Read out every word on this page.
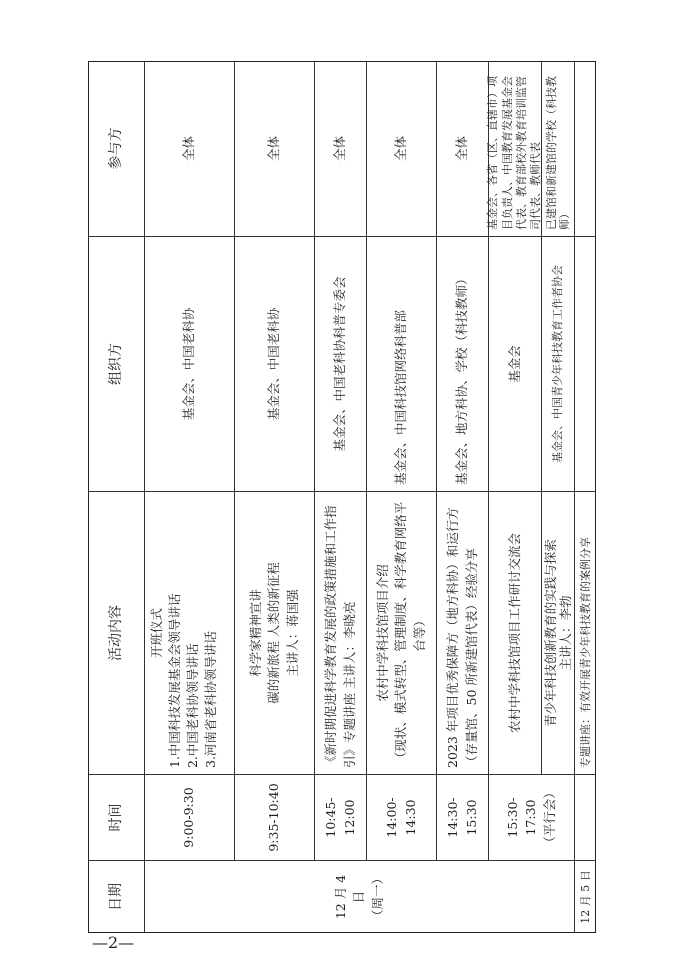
日期
时间
活动内容
组织方
参与方
12 月 4 日 （周一）	12 月 5 日
9:00-9:30
开班仪式 1.中国科技发展基金会领导讲话 2.中国老科协领导讲话 3.河南省老科协领导讲话
基金会、中国老科协
全体
9:35-10:40
科学家精神宣讲 碳的新旅程 人类的新征程 主讲人：蒋国强
基金会、中国老科协
全体
10:45-12:00
《新时期促进科学教育发展的政策措施和工作指引》专题讲座 主讲人：李晓亮
基金会、中国老科协科普专委会
全体
14:00-14:30
农村中学科技馆项目介绍 （现状、模式转型、管理制度、科学教育网络平台等）
基金会、中国科技馆网络科普部
全体
14:30-15:30
2023 年项目优秀保障方（地方科协）和运行方（存量馆、50 所新建馆代表）经验分享
基金会、地方科协、学校（科技教师）
全体
15:30-17:30 （平行会）
农村中学科技馆项目工作研讨交流会
基金会
基金会、各省（区、直辖市）项目负责人、中国教育发展基金会代表、教育部校外教育培训监管司代表、教师代表
青少年科技创新教育的实践与探索 主讲人：李勃
基金会、中国青少年科技教育工作者协会
已建馆和新建馆的学校（科技教师）
专题讲座：有效开展青少年科技教育的案例分享
—2—
